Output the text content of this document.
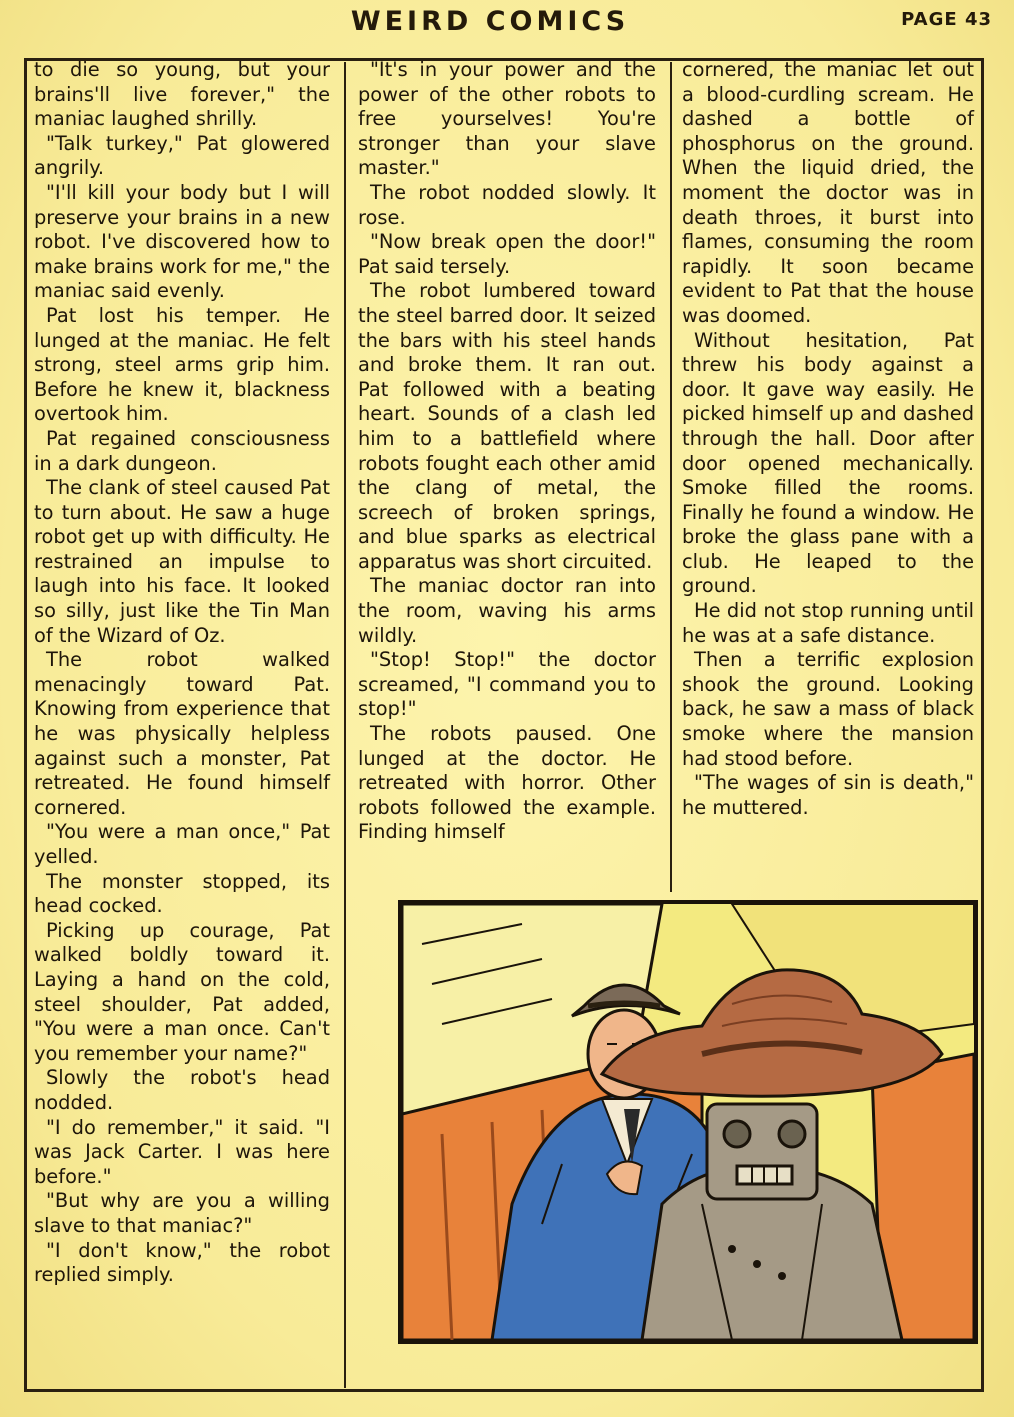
WEIRD COMICS	PAGE 43

to die so young, but your brains'll live forever," the maniac laughed shrilly.

"Talk turkey," Pat glowered angrily.

"I'll kill your body but I will preserve your brains in a new robot. I've discovered how to make brains work for me," the maniac said evenly.

Pat lost his temper. He lunged at the maniac. He felt strong, steel arms grip him. Before he knew it, blackness overtook him.

Pat regained consciousness in a dark dungeon.

The clank of steel caused Pat to turn about. He saw a huge robot get up with difficulty. He restrained an impulse to laugh into his face. It looked so silly, just like the Tin Man of the Wizard of Oz.

The robot walked menacingly toward Pat. Knowing from experience that he was physically helpless against such a monster, Pat retreated. He found himself cornered.

"You were a man once," Pat yelled.

The monster stopped, its head cocked.

Picking up courage, Pat walked boldly toward it. Laying a hand on the cold, steel shoulder, Pat added, "You were a man once. Can't you remember your name?"

Slowly the robot's head nodded.

"I do remember," it said. "I was Jack Carter. I was here before."

"But why are you a willing slave to that maniac?"

"I don't know," the robot replied simply.

"It's in your power and the power of the other robots to free yourselves! You're stronger than your slave master."

The robot nodded slowly. It rose.

"Now break open the door!" Pat said tersely.

The robot lumbered toward the steel barred door. It seized the bars with his steel hands and broke them. It ran out. Pat followed with a beating heart. Sounds of a clash led him to a battlefield where robots fought each other amid the clang of metal, the screech of broken springs, and blue sparks as electrical apparatus was short circuited.

The maniac doctor ran into the room, waving his arms wildly.

"Stop! Stop!" the doctor screamed, "I command you to stop!"

The robots paused. One lunged at the doctor. He retreated with horror. Other robots followed the example. Finding himself

cornered, the maniac let out a blood-curdling scream. He dashed a bottle of phosphorus on the ground. When the liquid dried, the moment the doctor was in death throes, it burst into flames, consuming the room rapidly. It soon became evident to Pat that the house was doomed.

Without hesitation, Pat threw his body against a door. It gave way easily. He picked himself up and dashed through the hall. Door after door opened mechanically. Smoke filled the rooms. Finally he found a window. He broke the glass pane with a club. He leaped to the ground.

He did not stop running until he was at a safe distance.

Then a terrific explosion shook the ground. Looking back, he saw a mass of black smoke where the mansion had stood before.

"The wages of sin is death," he muttered.
